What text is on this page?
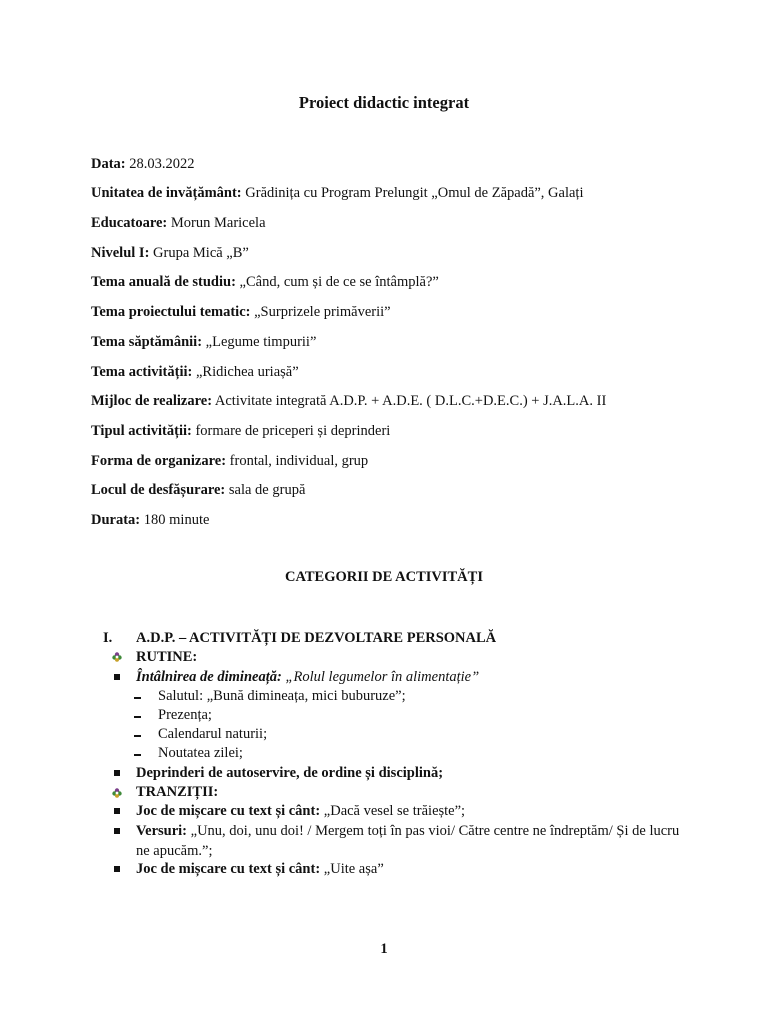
Proiect didactic integrat
Data: 28.03.2022
Unitatea de invățământ: Grădinița cu Program Prelungit „Omul de Zăpadă”, Galați
Educatoare: Morun Maricela
Nivelul I: Grupa Mică „B”
Tema anuală de studiu: „Când, cum și de ce se întâmplă?”
Tema proiectului tematic: „Surprizele primăverii”
Tema săptămânii: „Legume timpurii”
Tema activității: „Ridichea uriașă”
Mijloc de realizare: Activitate integrată A.D.P. + A.D.E. ( D.L.C.+D.E.C.) + J.A.L.A. II
Tipul activității: formare de priceperi și deprinderi
Forma de organizare: frontal, individual, grup
Locul de desfășurare: sala de grupă
Durata: 180 minute
CATEGORII DE ACTIVITĂȚI
I. A.D.P. – ACTIVITĂȚI DE DEZVOLTARE PERSONALĂ
RUTINE:
Întâlnirea de dimineață: „Rolul legumelor în alimentație”
Salutul: „Bună dimineața, mici buburuze”;
Prezența;
Calendarul naturii;
Noutatea zilei;
Deprinderi de autoservire, de ordine și disciplină;
TRANZIȚII:
Joc de mișcare cu text și cânt: „Dacă vesel se trăiește”;
Versuri: „Unu, doi, unu doi! / Mergem toți în pas vioi/ Către centre ne îndreptăm/ Și de lucru ne apucăm.”;
Joc de mișcare cu text și cânt: „Uite așa”
1
